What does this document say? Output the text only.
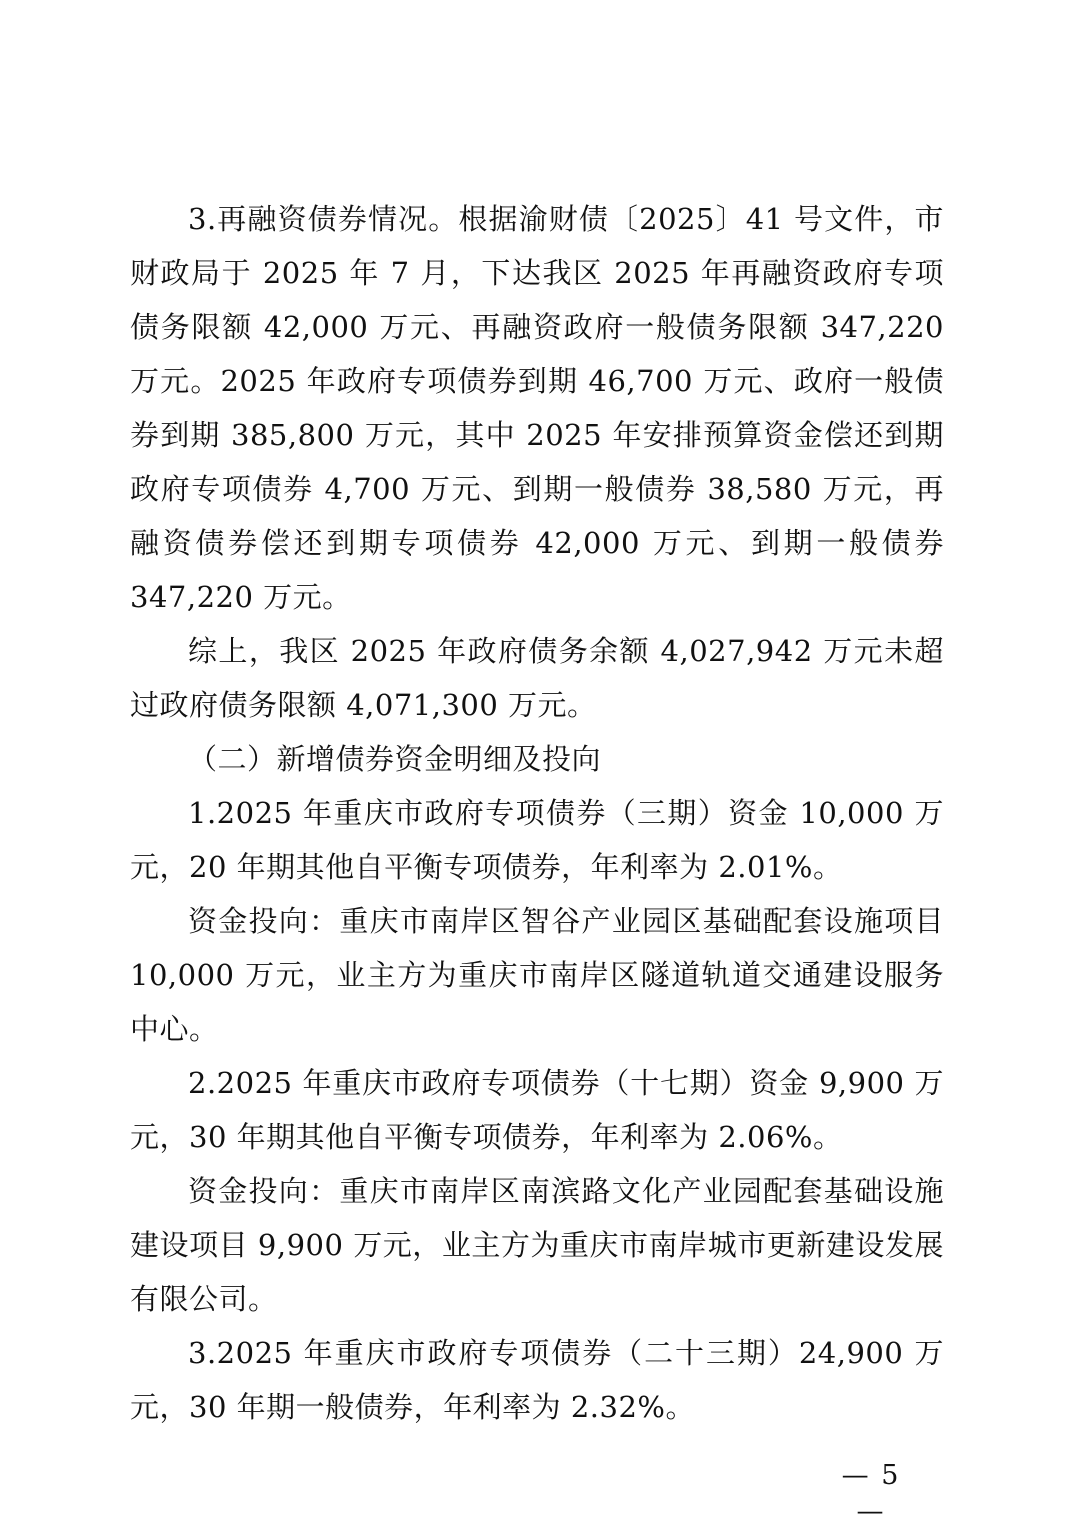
3.再融资债券情况。根据渝财债〔2025〕41 号文件，市财政局于 2025 年 7 月，下达我区 2025 年再融资政府专项债务限额 42,000 万元、再融资政府一般债务限额 347,220 万元。2025 年政府专项债券到期 46,700 万元、政府一般债券到期 385,800 万元，其中 2025 年安排预算资金偿还到期政府专项债券 4,700 万元、到期一般债券 38,580 万元，再融资债券偿还到期专项债券 42,000 万元、到期一般债券 347,220 万元。

综上，我区 2025 年政府债务余额 4,027,942 万元未超过政府债务限额 4,071,300 万元。

（二）新增债券资金明细及投向

1.2025 年重庆市政府专项债券（三期）资金 10,000 万元，20 年期其他自平衡专项债券，年利率为 2.01%。

资金投向：重庆市南岸区智谷产业园区基础配套设施项目 10,000 万元，业主方为重庆市南岸区隧道轨道交通建设服务中心。

2.2025 年重庆市政府专项债券（十七期）资金 9,900 万元，30 年期其他自平衡专项债券，年利率为 2.06%。

资金投向：重庆市南岸区南滨路文化产业园配套基础设施建设项目 9,900 万元，业主方为重庆市南岸城市更新建设发展有限公司。

3.2025 年重庆市政府专项债券（二十三期）24,900 万元，30 年期一般债券，年利率为 2.32%。

— 5 —
